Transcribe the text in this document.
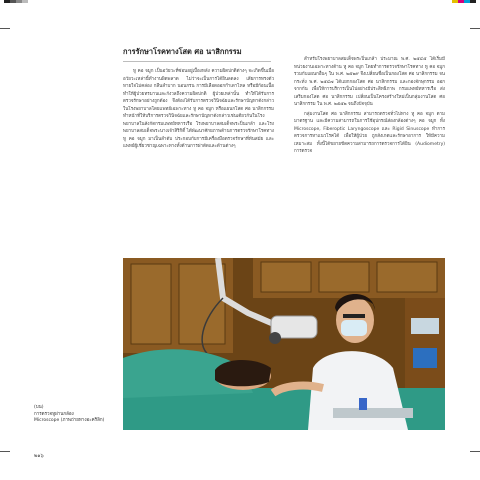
การรักษาโรคทางโสต ศอ นาสิกกรรม

หู คอ จมูก เป็นอวัยวะที่ซ่อนอยู่เบื้องหลัง ความผิดปกติต่างๆ จะเกิดขึ้นเมื่ออวัยวะเหล่านี้ทำงานผิดพลาด ไม่ว่าจะเป็นการได้ยินลดลง เสียการทรงตัว หายใจไม่คล่อง กลืนลำบาก นอนกรน การมีเลือดออกกำเดาไหล หรือมีก้อนเนื้อ ทำให้ผู้ป่วยทรมานและกังวลถึงความผิดปกติ ผู้ป่วยเหล่านั้น ทำให้ได้รับการตรวจรักษาอย่างถูกต้อง จึงต้องได้รับการตรวจวินิจฉัยและรักษาปัญหาดังกล่าว ในโรงพยาบาลโดยแพทย์เฉพาะทาง หู คอ จมูก หรือแผนกโสต ศอ นาสิกกรรม ทำหน้าที่ให้บริการตรวจวินิจฉัยและรักษาปัญหาดังกล่าวเช่นเดียวกันในโรงพยาบาลในสังกัดกรมแพทย์ทหารเรือ โรงพยาบาลสมเด็จพระปิ่นเกล้า และโรงพยาบาลสมเด็จพระนางเจ้าสิริกิติ์ ได้พัฒนาศักยภาพด้านการตรวจรักษาโรคทาง หู คอ จมูก มาเป็นลำดับ ประกอบกับการมีเครื่องมือตรวจรักษาที่ทันสมัย และแพทย์ผู้เชี่ยวชาญเฉพาะทางทั้งด้านการผ่าตัดและด้านต่างๆ

สำหรับโรงพยาบาลสมเด็จพระปิ่นเกล้า ประมาณ พ.ศ. ๒๕๔๕ ได้เริ่มมีหน่วยงานเฉพาะทางด้าน หู คอ จมูก โดยทำการตรวจรักษาโรคทาง หู คอ จมูก รวมกับแผนกอื่นๆ ใน พ.ศ. ๒๕๒๙ จึงเปลี่ยนชื่อเป็นกองโสต ศอ นาสิกกรรม จนกระทั่ง พ.ศ. ๒๕๔๗ ได้แยกกองโสต ศอ นาสิกกรรม และกองจักษุกรรม ออกจากกัน เพื่อให้การบริการเป็นไปอย่างมีประสิทธิภาพ กรมแพทย์ทหารเรือ ส่งเสริมกองโสต ศอ นาสิกกรรม เปลี่ยนเป็นโครงสร้างใหม่เป็นกลุ่มงานโสต ศอ นาสิกกรรม ใน พ.ศ. ๒๕๕๒ จนถึงปัจจุบัน

กลุ่มงานโสต ศอ นาสิกกรรม สามารถตรวจทั่วไปทาง หู คอ จมูก ตามมาตรฐาน และมีความสามารถในการใช้อุปกรณ์ส่องกล้องต่างๆ คอ จมูก ทั้ง Microscope, Fiberoptic Laryngoscope และ Rigid Sinuscope ทำการตรวจการหาแนวโรคได้ เพื่อให้ผู้ป่วย ถูกสังเกตและรักษาอาการ ให้มีความเหมาะสม ทั้งนี้ได้ขยายขีดความสามารถการตรวจการได้ยิน (Audiometry) การตรวจ

(บน)
การตรวจหูผ่านกล้อง
Microscope (ภาพถ่ายทางอะคริลิก)
๒๑๖
